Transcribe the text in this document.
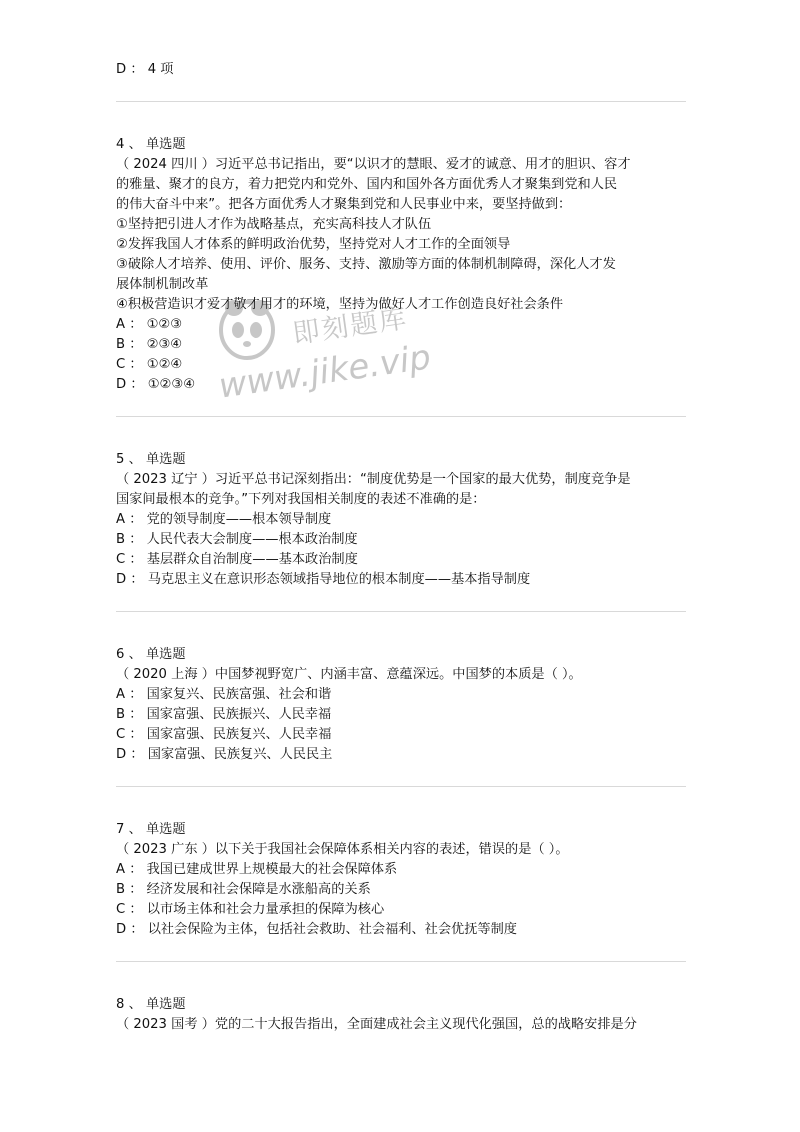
D ： 4 项
4 、 单选题
（ 2024 四川 ）习近平总书记指出，要“以识才的慧眼、爱才的诚意、用才的胆识、容才
的雅量、聚才的良方，着力把党内和党外、国内和国外各方面优秀人才聚集到党和人民
的伟大奋斗中来”。把各方面优秀人才聚集到党和人民事业中来，要坚持做到：
①坚持把引进人才作为战略基点，充实高科技人才队伍
②发挥我国人才体系的鲜明政治优势，坚持党对人才工作的全面领导
③破除人才培养、使用、评价、服务、支持、激励等方面的体制机制障碍，深化人才发
展体制机制改革
④积极营造识才爱才敬才用才的环境，坚持为做好人才工作创造良好社会条件
A ： ①②③
B ： ②③④
C ： ①②④
D ： ①②③④
5 、 单选题
（ 2023 辽宁 ）习近平总书记深刻指出：“制度优势是一个国家的最大优势，制度竞争是
国家间最根本的竞争。”下列对我国相关制度的表述不准确的是：
A ： 党的领导制度——根本领导制度
B ： 人民代表大会制度——根本政治制度
C ： 基层群众自治制度——基本政治制度
D ： 马克思主义在意识形态领域指导地位的根本制度——基本指导制度
6 、 单选题
（ 2020 上海 ）中国梦视野宽广、内涵丰富、意蕴深远。中国梦的本质是（ ）。
A ： 国家复兴、民族富强、社会和谐
B ： 国家富强、民族振兴、人民幸福
C ： 国家富强、民族复兴、人民幸福
D ： 国家富强、民族复兴、人民民主
7 、 单选题
（ 2023 广东 ）以下关于我国社会保障体系相关内容的表述，错误的是（ ）。
A ： 我国已建成世界上规模最大的社会保障体系
B ： 经济发展和社会保障是水涨船高的关系
C ： 以市场主体和社会力量承担的保障为核心
D ： 以社会保险为主体，包括社会救助、社会福利、社会优抚等制度
8 、 单选题
（ 2023 国考 ）党的二十大报告指出，全面建成社会主义现代化强国，总的战略安排是分
即刻题库
www.jike.vip
